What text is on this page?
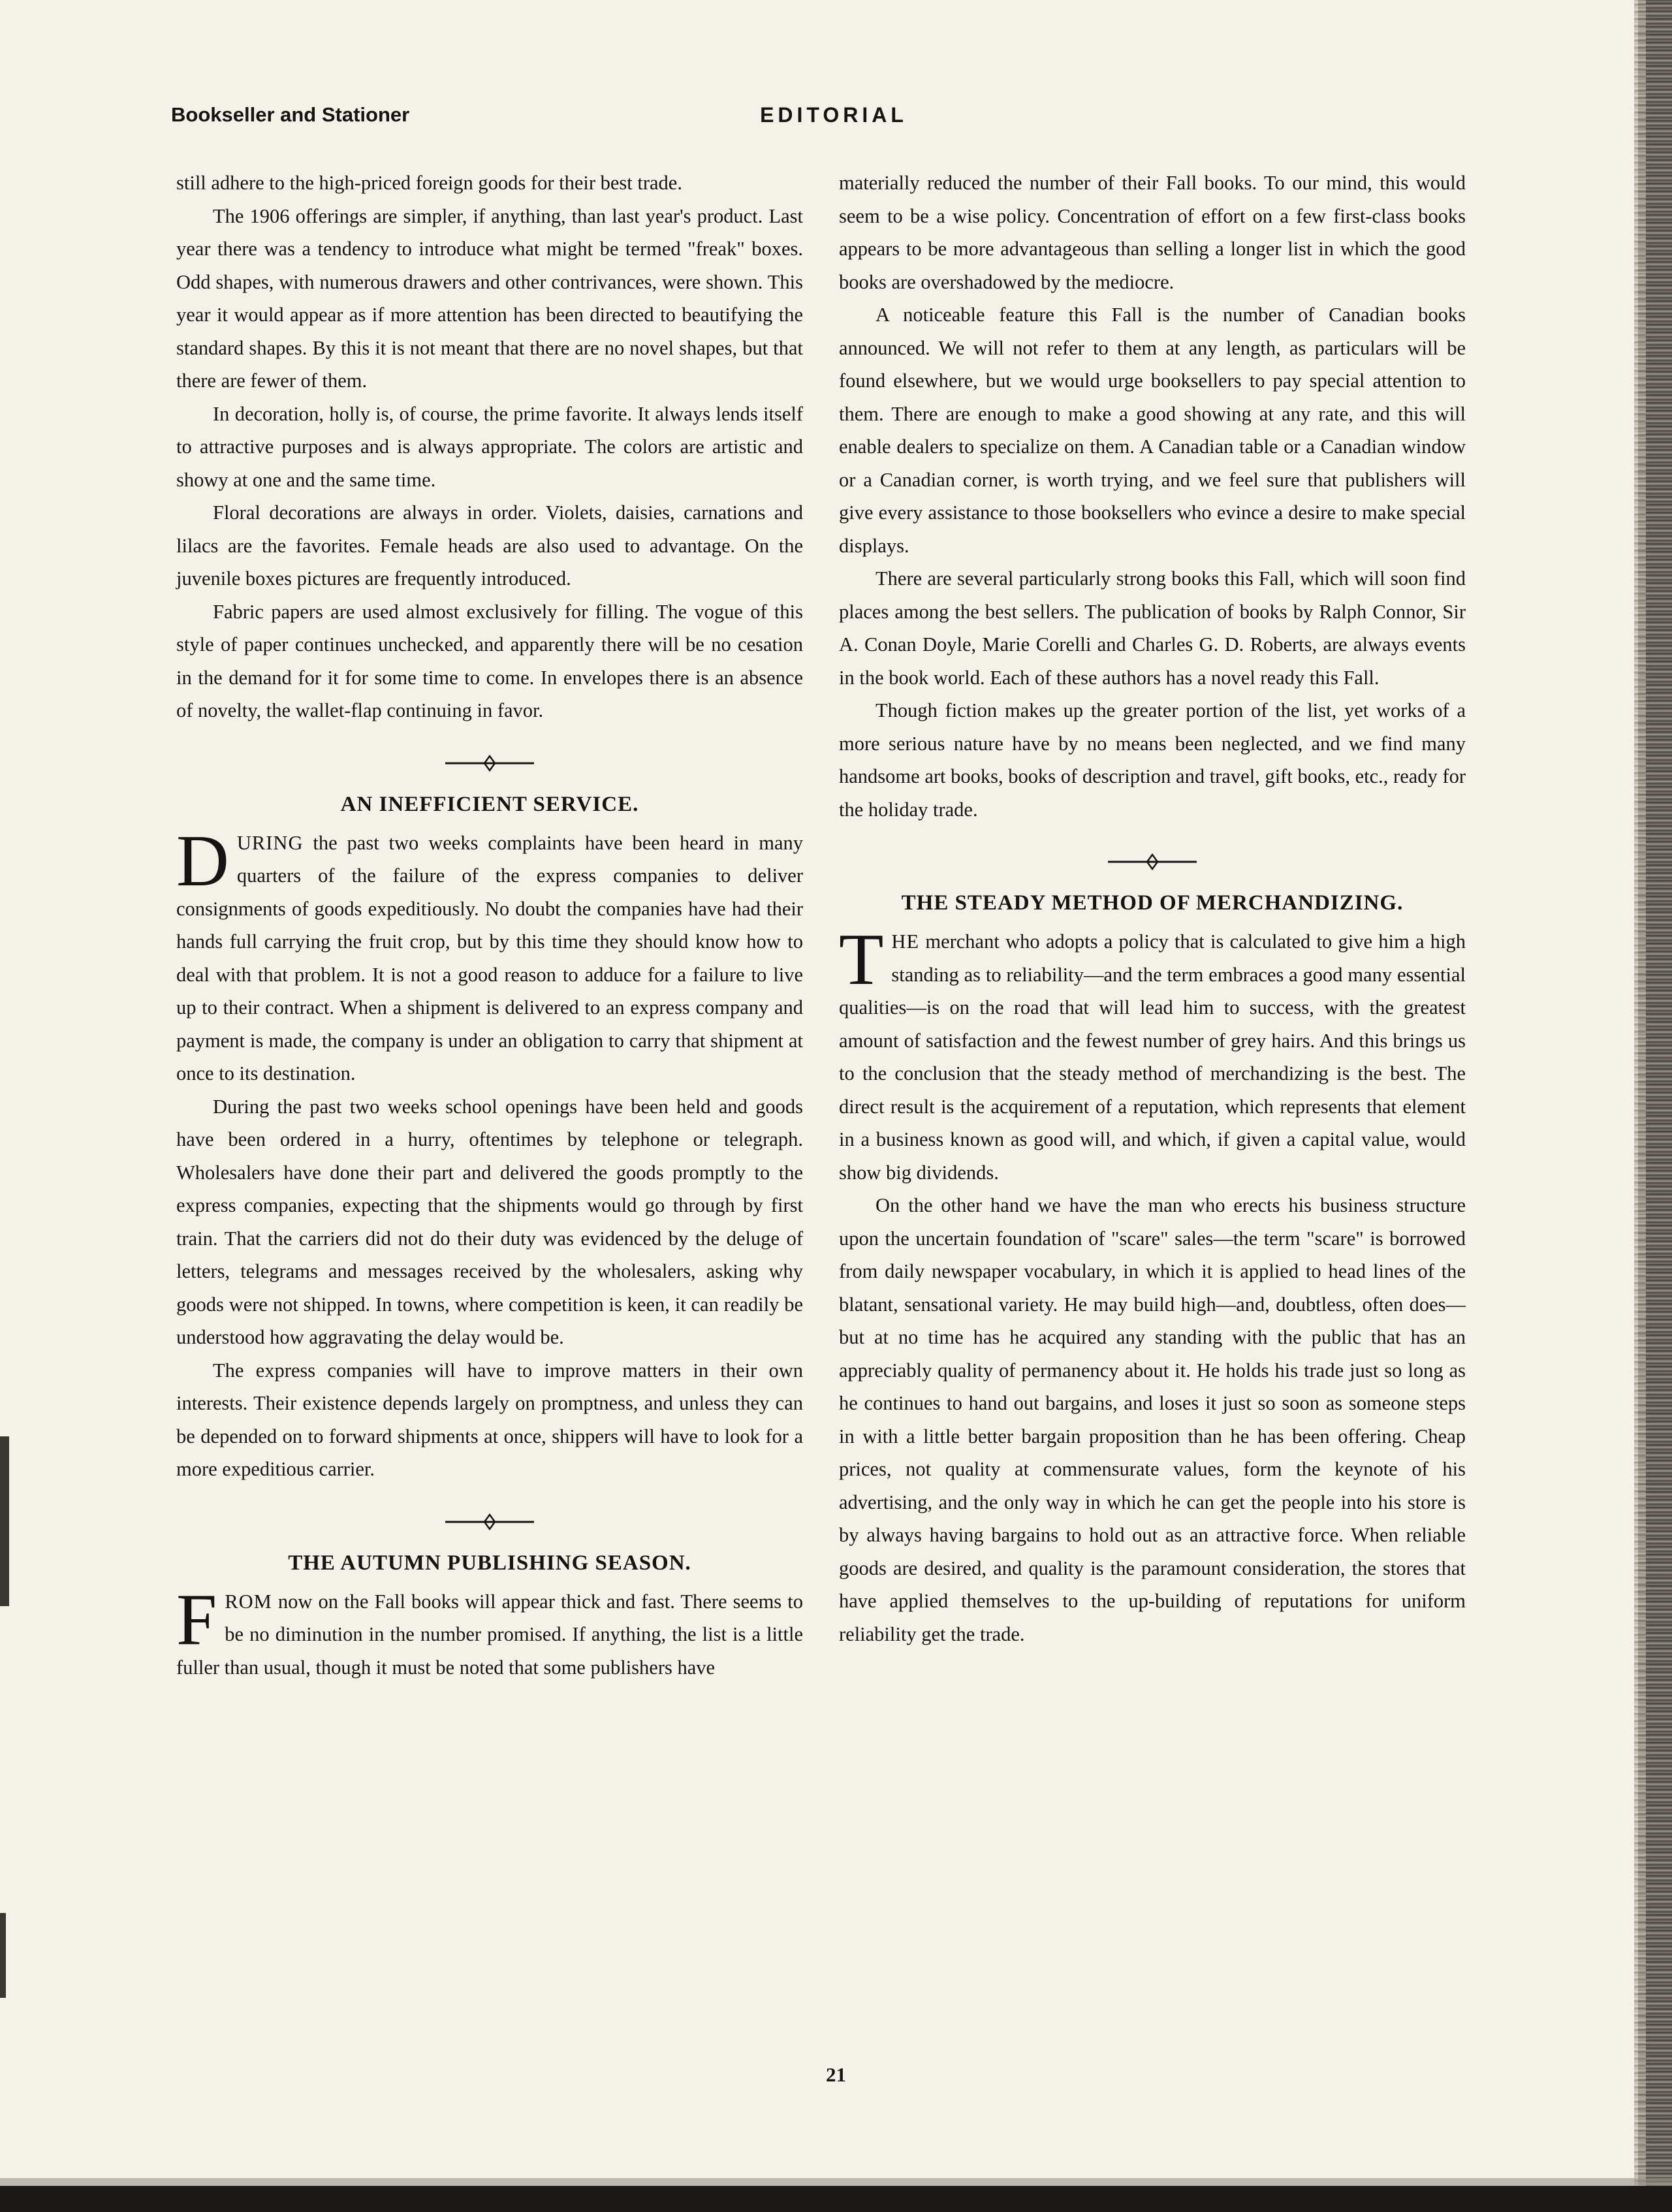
Bookseller and Stationer	EDITORIAL

still adhere to the high-priced foreign goods for their best trade.

The 1906 offerings are simpler, if anything, than last year's product. Last year there was a tendency to introduce what might be termed "freak" boxes. Odd shapes, with numerous drawers and other contrivances, were shown. This year it would appear as if more attention has been directed to beautifying the standard shapes. By this it is not meant that there are no novel shapes, but that there are fewer of them.

In decoration, holly is, of course, the prime favorite. It always lends itself to attractive purposes and is always appropriate. The colors are artistic and showy at one and the same time.

Floral decorations are always in order. Violets, daisies, carnations and lilacs are the favorites. Female heads are also used to advantage. On the juvenile boxes pictures are frequently introduced.

Fabric papers are used almost exclusively for filling. The vogue of this style of paper continues unchecked, and apparently there will be no cesation in the demand for it for some time to come. In envelopes there is an absence of novelty, the wallet-flap continuing in favor.

AN INEFFICIENT SERVICE.

DURING the past two weeks complaints have been heard in many quarters of the failure of the express companies to deliver consignments of goods expeditiously. No doubt the companies have had their hands full carrying the fruit crop, but by this time they should know how to deal with that problem. It is not a good reason to adduce for a failure to live up to their contract. When a shipment is delivered to an express company and payment is made, the company is under an obligation to carry that shipment at once to its destination.

During the past two weeks school openings have been held and goods have been ordered in a hurry, oftentimes by telephone or telegraph. Wholesalers have done their part and delivered the goods promptly to the express companies, expecting that the shipments would go through by first train. That the carriers did not do their duty was evidenced by the deluge of letters, telegrams and messages received by the wholesalers, asking why goods were not shipped. In towns, where competition is keen, it can readily be understood how aggravating the delay would be.

The express companies will have to improve matters in their own interests. Their existence depends largely on promptness, and unless they can be depended on to forward shipments at once, shippers will have to look for a more expeditious carrier.

THE AUTUMN PUBLISHING SEASON.

FROM now on the Fall books will appear thick and fast. There seems to be no diminution in the number promised. If anything, the list is a little fuller than usual, though it must be noted that some publishers have

materially reduced the number of their Fall books. To our mind, this would seem to be a wise policy. Concentration of effort on a few first-class books appears to be more advantageous than selling a longer list in which the good books are overshadowed by the mediocre.

A noticeable feature this Fall is the number of Canadian books announced. We will not refer to them at any length, as particulars will be found elsewhere, but we would urge booksellers to pay special attention to them. There are enough to make a good showing at any rate, and this will enable dealers to specialize on them. A Canadian table or a Canadian window or a Canadian corner, is worth trying, and we feel sure that publishers will give every assistance to those booksellers who evince a desire to make special displays.

There are several particularly strong books this Fall, which will soon find places among the best sellers. The publication of books by Ralph Connor, Sir A. Conan Doyle, Marie Corelli and Charles G. D. Roberts, are always events in the book world. Each of these authors has a novel ready this Fall.

Though fiction makes up the greater portion of the list, yet works of a more serious nature have by no means been neglected, and we find many handsome art books, books of description and travel, gift books, etc., ready for the holiday trade.

THE STEADY METHOD OF MERCHANDIZING.

THE merchant who adopts a policy that is calculated to give him a high standing as to reliability—and the term embraces a good many essential qualities—is on the road that will lead him to success, with the greatest amount of satisfaction and the fewest number of grey hairs. And this brings us to the conclusion that the steady method of merchandizing is the best. The direct result is the acquirement of a reputation, which represents that element in a business known as good will, and which, if given a capital value, would show big dividends.

On the other hand we have the man who erects his business structure upon the uncertain foundation of "scare" sales—the term "scare" is borrowed from daily newspaper vocabulary, in which it is applied to head lines of the blatant, sensational variety. He may build high—and, doubtless, often does—but at no time has he acquired any standing with the public that has an appreciably quality of permanency about it. He holds his trade just so long as he continues to hand out bargains, and loses it just so soon as someone steps in with a little better bargain proposition than he has been offering. Cheap prices, not quality at commensurate values, form the keynote of his advertising, and the only way in which he can get the people into his store is by always having bargains to hold out as an attractive force. When reliable goods are desired, and quality is the paramount consideration, the stores that have applied themselves to the up-building of reputations for uniform reliability get the trade.

21
